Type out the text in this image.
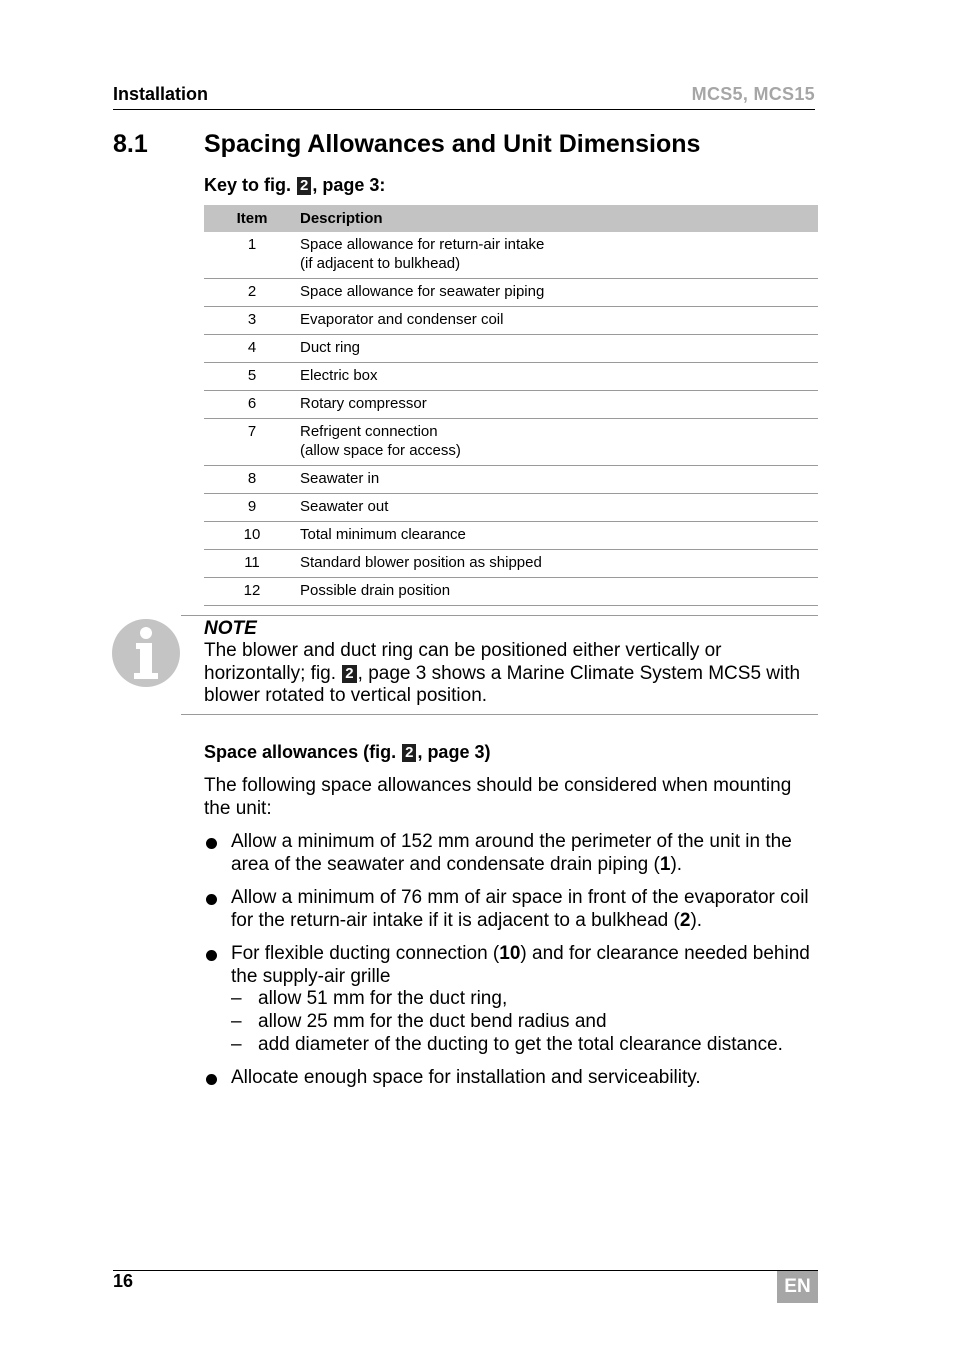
Installation	MCS5, MCS15
8.1 Spacing Allowances and Unit Dimensions
Key to fig. 2 , page 3:
Item	Description
1	Space allowance for return-air intake
(if adjacent to bulkhead)

2	Space allowance for seawater piping
3	Evaporator and condenser coil
4	Duct ring
5	Electric box
6	Rotary compressor
7	Refrigent connection
(allow space for access)

8	Seawater in
9	Seawater out
10	Total minimum clearance
11	Standard blower position as shipped
12	Possible drain position
NOTE
The blower and duct ring can be positioned either vertically or horizontally; fig. 2 , page 3 shows a Marine Climate System MCS5 with blower rotated to vertical position.
Space allowances (fig. 2 , page 3)
The following space allowances should be considered when mounting the unit:
Allow a minimum of 152 mm around the perimeter of the unit in the area of the seawater and condensate drain piping (1).
Allow a minimum of 76 mm of air space in front of the evaporator coil for the return-air intake if it is adjacent to a bulkhead (2).
For flexible ducting connection (10) and for clearance needed behind the supply-air grille
– allow 51 mm for the duct ring,
– allow 25 mm for the duct bend radius and
– add diameter of the ducting to get the total clearance distance.
Allocate enough space for installation and serviceability.
16	EN
